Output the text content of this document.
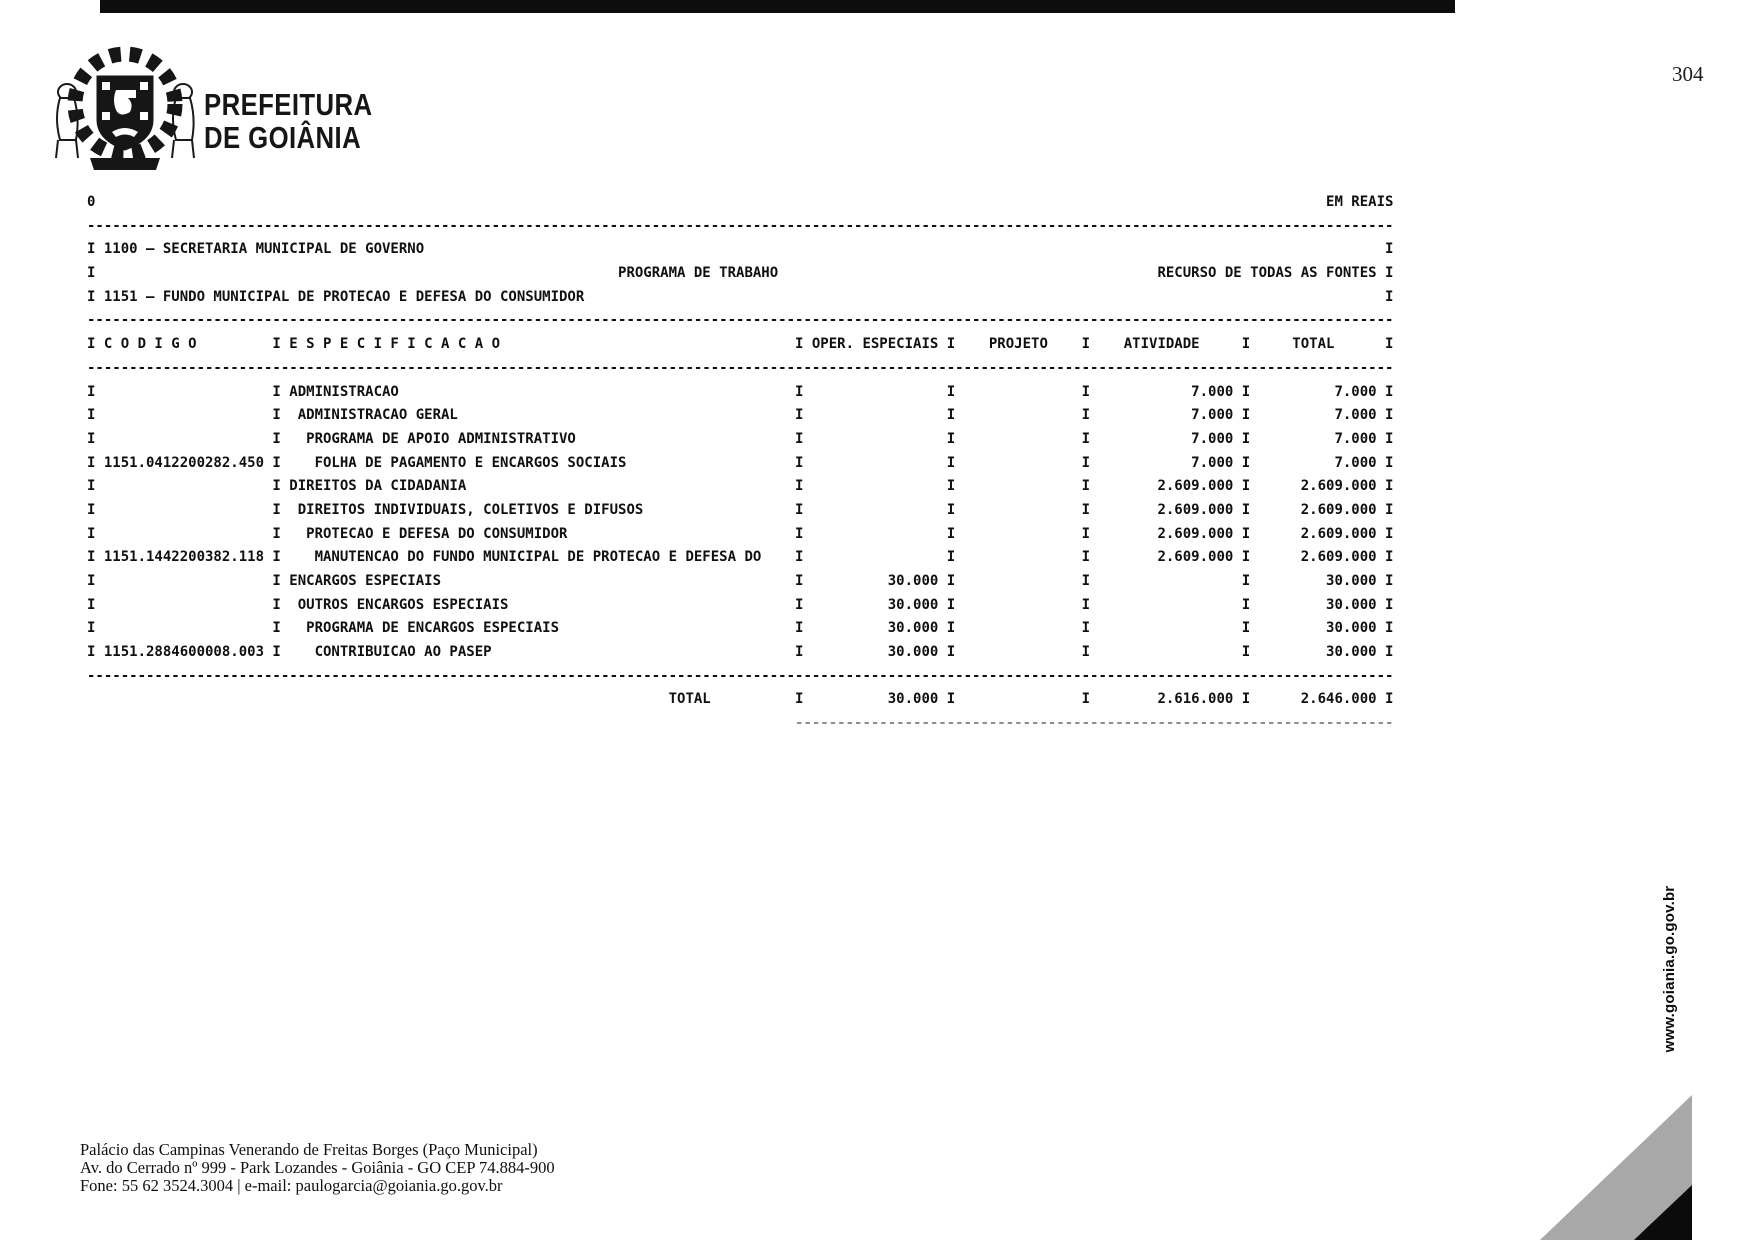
PREFEITURA
DE GOIÂNIA
304
0                                                                                                                                                  EM REAIS
-----------------------------------------------------------------------------------------------------------------------------------------------------------
I 1100 – SECRETARIA MUNICIPAL DE GOVERNO                                                                                                                  I
I                                                              PROGRAMA DE TRABAHO                                             RECURSO DE TODAS AS FONTES I
I 1151 – FUNDO MUNICIPAL DE PROTECAO E DEFESA DO CONSUMIDOR                                                                                               I
-----------------------------------------------------------------------------------------------------------------------------------------------------------
I C O D I G O         I E S P E C I F I C A C A O                                   I OPER. ESPECIAIS I    PROJETO    I    ATIVIDADE     I     TOTAL      I
-----------------------------------------------------------------------------------------------------------------------------------------------------------
I                     I ADMINISTRACAO                                               I                 I               I            7.000 I          7.000 I
I                     I  ADMINISTRACAO GERAL                                        I                 I               I            7.000 I          7.000 I
I                     I   PROGRAMA DE APOIO ADMINISTRATIVO                          I                 I               I            7.000 I          7.000 I
I 1151.0412200282.450 I    FOLHA DE PAGAMENTO E ENCARGOS SOCIAIS                    I                 I               I            7.000 I          7.000 I
I                     I DIREITOS DA CIDADANIA                                       I                 I               I        2.609.000 I      2.609.000 I
I                     I  DIREITOS INDIVIDUAIS, COLETIVOS E DIFUSOS                  I                 I               I        2.609.000 I      2.609.000 I
I                     I   PROTECAO E DEFESA DO CONSUMIDOR                           I                 I               I        2.609.000 I      2.609.000 I
I 1151.1442200382.118 I    MANUTENCAO DO FUNDO MUNICIPAL DE PROTECAO E DEFESA DO    I                 I               I        2.609.000 I      2.609.000 I
I                     I ENCARGOS ESPECIAIS                                          I          30.000 I               I                  I         30.000 I
I                     I  OUTROS ENCARGOS ESPECIAIS                                  I          30.000 I               I                  I         30.000 I
I                     I   PROGRAMA DE ENCARGOS ESPECIAIS                            I          30.000 I               I                  I         30.000 I
I 1151.2884600008.003 I    CONTRIBUICAO AO PASEP                                    I          30.000 I               I                  I         30.000 I
-----------------------------------------------------------------------------------------------------------------------------------------------------------
TOTAL          I          30.000 I               I        2.616.000 I      2.646.000 I
-----------------------------------------------------------------------
Palácio das Campinas Venerando de Freitas Borges (Paço Municipal)
Av. do Cerrado nº 999 - Park Lozandes - Goiânia - GO CEP 74.884-900
Fone: 55 62 3524.3004 | e-mail: paulogarcia@goiania.go.gov.br
www.goiania.go.gov.br
